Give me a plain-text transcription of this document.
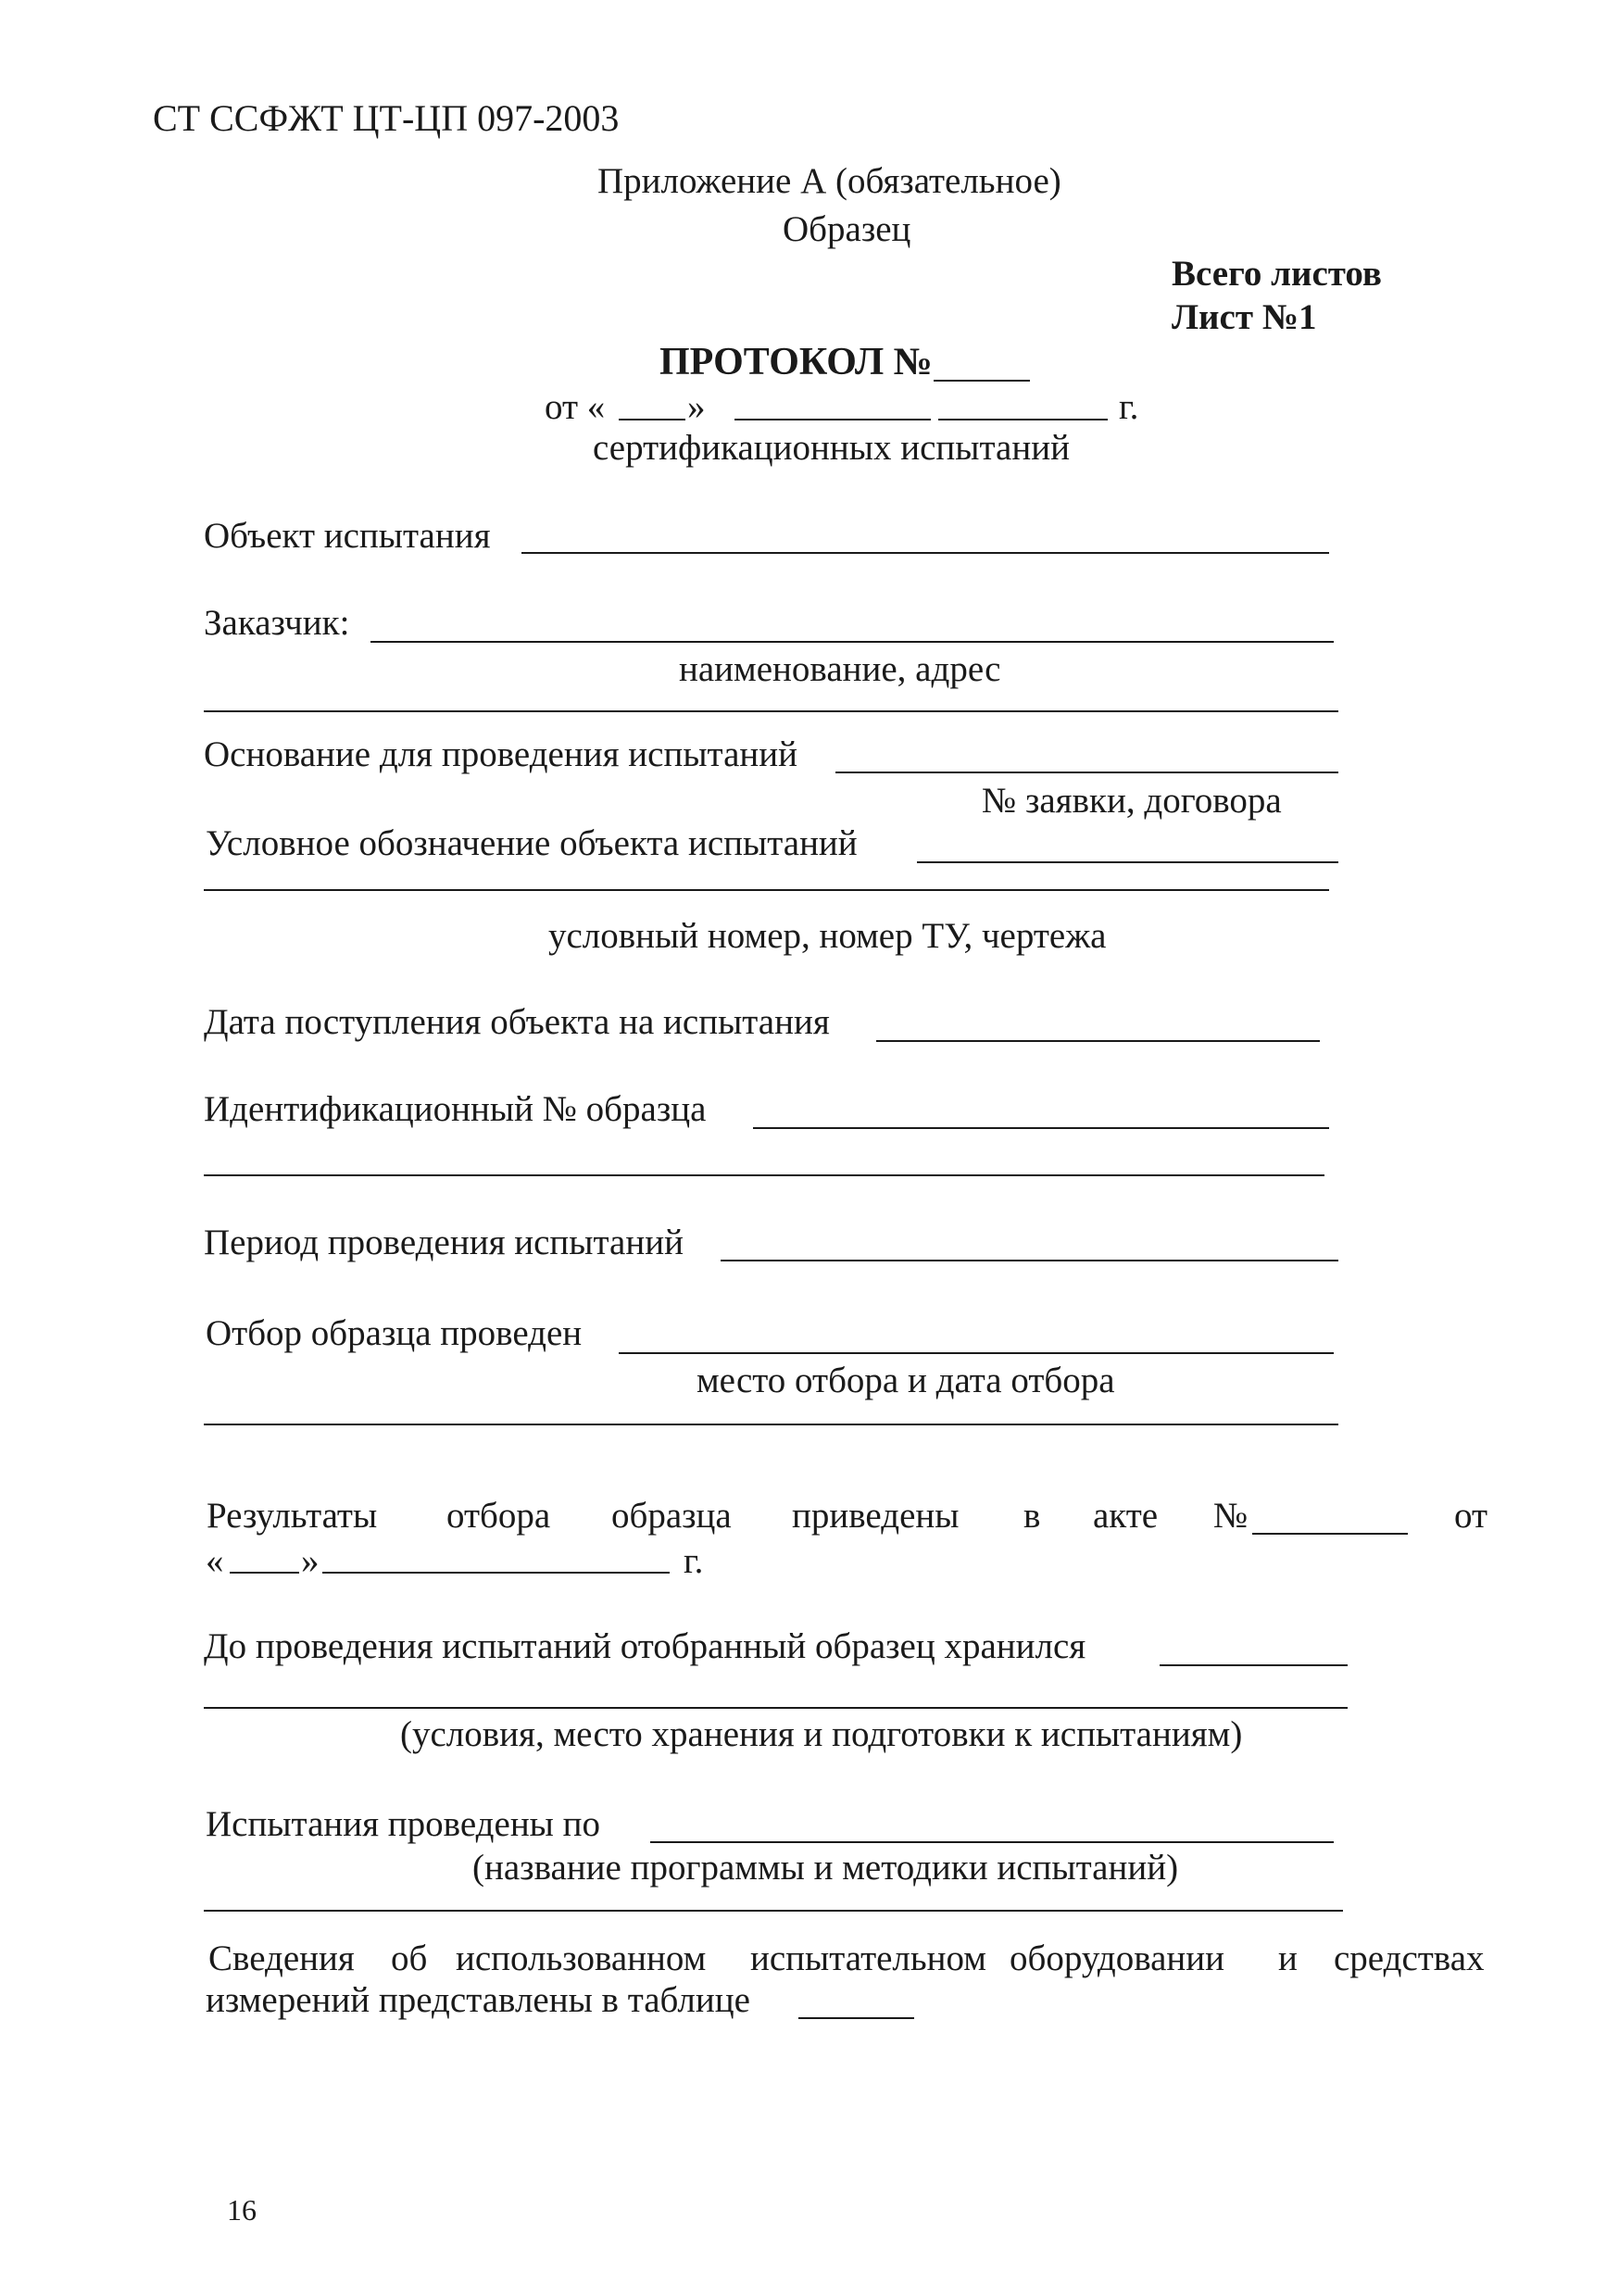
СТ ССФЖТ ЦТ-ЦП 097-2003

Приложение А (обязательное)

Образец

Всего листов

Лист №1

ПРОТОКОЛ №

от « »	г.

сертификационных испытаний

Объект испытания

Заказчик:

наименование, адрес

Основание для проведения испытаний

№ заявки, договора

Условное обозначение объекта испытаний

условный номер, номер ТУ, чертежа

Дата поступления объекта на испытания

Идентификационный № образца

Период проведения испытаний

Отбор образца проведен

место отбора и дата отбора

Результаты отбора образца приведены в акте №	от

« »	г.

До проведения испытаний отобранный образец хранился

(условия, место хранения и подготовки к испытаниям)

Испытания проведены по

(название программы и методики испытаний)

Сведения об использованном испытательном оборудовании и средствах

измерений представлены в таблице

16
